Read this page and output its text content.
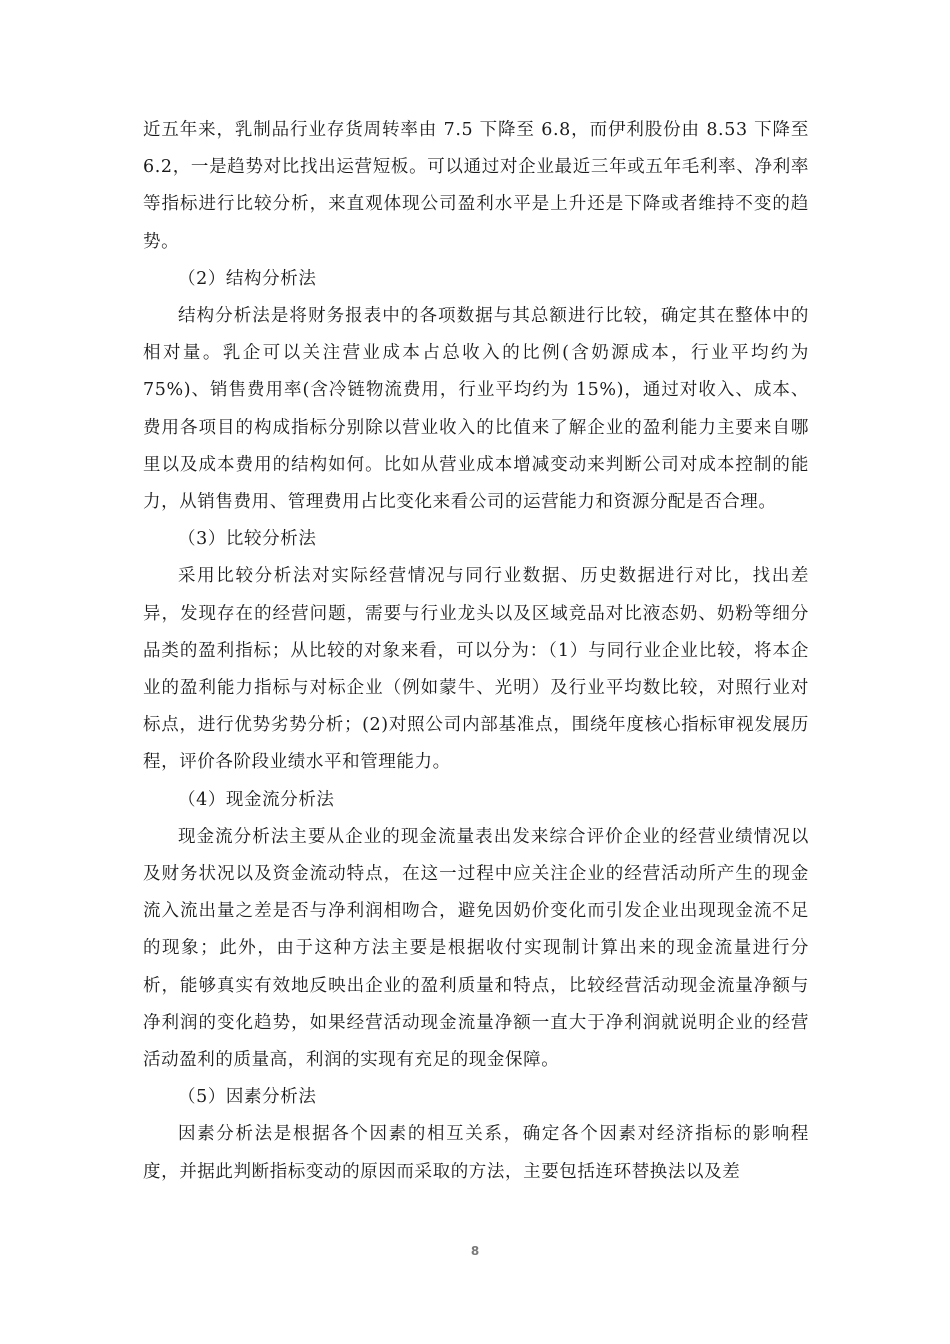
近五年来，乳制品行业存货周转率由 7.5 下降至 6.8，而伊利股份由 8.53 下降至 6.2，一是趋势对比找出运营短板。可以通过对企业最近三年或五年毛利率、净利率等指标进行比较分析，来直观体现公司盈利水平是上升还是下降或者维持不变的趋势。

（2）结构分析法

结构分析法是将财务报表中的各项数据与其总额进行比较，确定其在整体中的相对量。乳企可以关注营业成本占总收入的比例(含奶源成本，行业平均约为 75%)、销售费用率(含冷链物流费用，行业平均约为 15%)，通过对收入、成本、费用各项目的构成指标分别除以营业收入的比值来了解企业的盈利能力主要来自哪里以及成本费用的结构如何。比如从营业成本增减变动来判断公司对成本控制的能力，从销售费用、管理费用占比变化来看公司的运营能力和资源分配是否合理。

（3）比较分析法

采用比较分析法对实际经营情况与同行业数据、历史数据进行对比，找出差异，发现存在的经营问题，需要与行业龙头以及区域竞品对比液态奶、奶粉等细分品类的盈利指标；从比较的对象来看，可以分为：（1）与同行业企业比较，将本企业的盈利能力指标与对标企业（例如蒙牛、光明）及行业平均数比较，对照行业对标点，进行优势劣势分析；(2)对照公司内部基准点，围绕年度核心指标审视发展历程，评价各阶段业绩水平和管理能力。

（4）现金流分析法

现金流分析法主要从企业的现金流量表出发来综合评价企业的经营业绩情况以及财务状况以及资金流动特点，在这一过程中应关注企业的经营活动所产生的现金流入流出量之差是否与净利润相吻合，避免因奶价变化而引发企业出现现金流不足的现象；此外，由于这种方法主要是根据收付实现制计算出来的现金流量进行分析，能够真实有效地反映出企业的盈利质量和特点，比较经营活动现金流量净额与净利润的变化趋势，如果经营活动现金流量净额一直大于净利润就说明企业的经营活动盈利的质量高，利润的实现有充足的现金保障。

（5）因素分析法

因素分析法是根据各个因素的相互关系，确定各个因素对经济指标的影响程度，并据此判断指标变动的原因而采取的方法，主要包括连环替换法以及差

8
